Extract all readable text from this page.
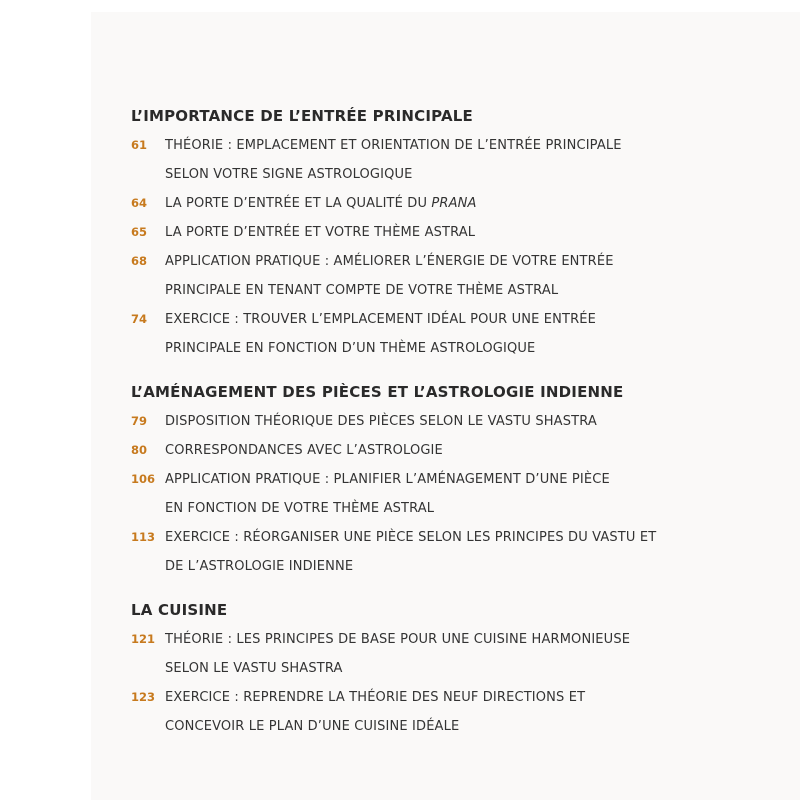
L’IMPORTANCE DE L’ENTRÉE PRINCIPALE
61 THÉORIE : EMPLACEMENT ET ORIENTATION DE L’ENTRÉE PRINCIPALE
SELON VOTRE SIGNE ASTROLOGIQUE
64 LA PORTE D’ENTRÉE ET LA QUALITÉ DU PRANA
65 LA PORTE D’ENTRÉE ET VOTRE THÈME ASTRAL
68 APPLICATION PRATIQUE : AMÉLIORER L’ÉNERGIE DE VOTRE ENTRÉE
PRINCIPALE EN TENANT COMPTE DE VOTRE THÈME ASTRAL
74 EXERCICE : TROUVER L’EMPLACEMENT IDÉAL POUR UNE ENTRÉE
PRINCIPALE EN FONCTION D’UN THÈME ASTROLOGIQUE
L’AMÉNAGEMENT DES PIÈCES ET L’ASTROLOGIE INDIENNE
79 DISPOSITION THÉORIQUE DES PIÈCES SELON LE VASTU SHASTRA
80 CORRESPONDANCES AVEC L’ASTROLOGIE
106 APPLICATION PRATIQUE : PLANIFIER L’AMÉNAGEMENT D’UNE PIÈCE
EN FONCTION DE VOTRE THÈME ASTRAL
113 EXERCICE : RÉORGANISER UNE PIÈCE SELON LES PRINCIPES DU VASTU ET
DE L’ASTROLOGIE INDIENNE
LA CUISINE
121 THÉORIE : LES PRINCIPES DE BASE POUR UNE CUISINE HARMONIEUSE
SELON LE VASTU SHASTRA
123 EXERCICE : REPRENDRE LA THÉORIE DES NEUF DIRECTIONS ET
CONCEVOIR LE PLAN D’UNE CUISINE IDÉALE
